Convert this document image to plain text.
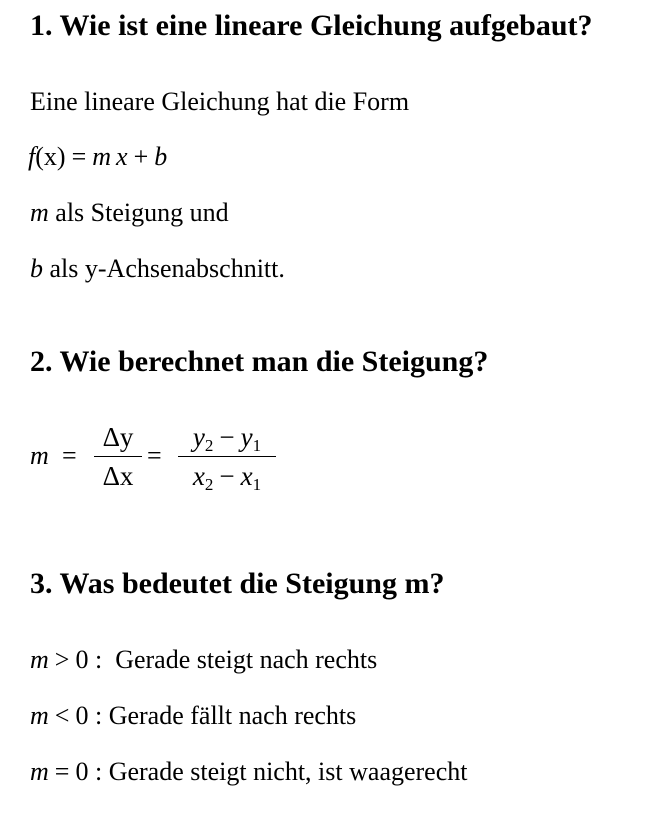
1. Wie ist eine lineare Gleichung aufgebaut?
Eine lineare Gleichung hat die Form
f(x) = m x + b
m als Steigung und
b als y-Achsenabschnitt.
2. Wie berechnet man die Steigung?
m =
Δy
Δx
=
$y_2 - y_1$
$x_2 - x_1$
3. Was bedeutet die Steigung m?
m > 0 :  Gerade steigt nach rechts
m < 0 : Gerade fällt nach rechts
m = 0 : Gerade steigt nicht, ist waagerecht
